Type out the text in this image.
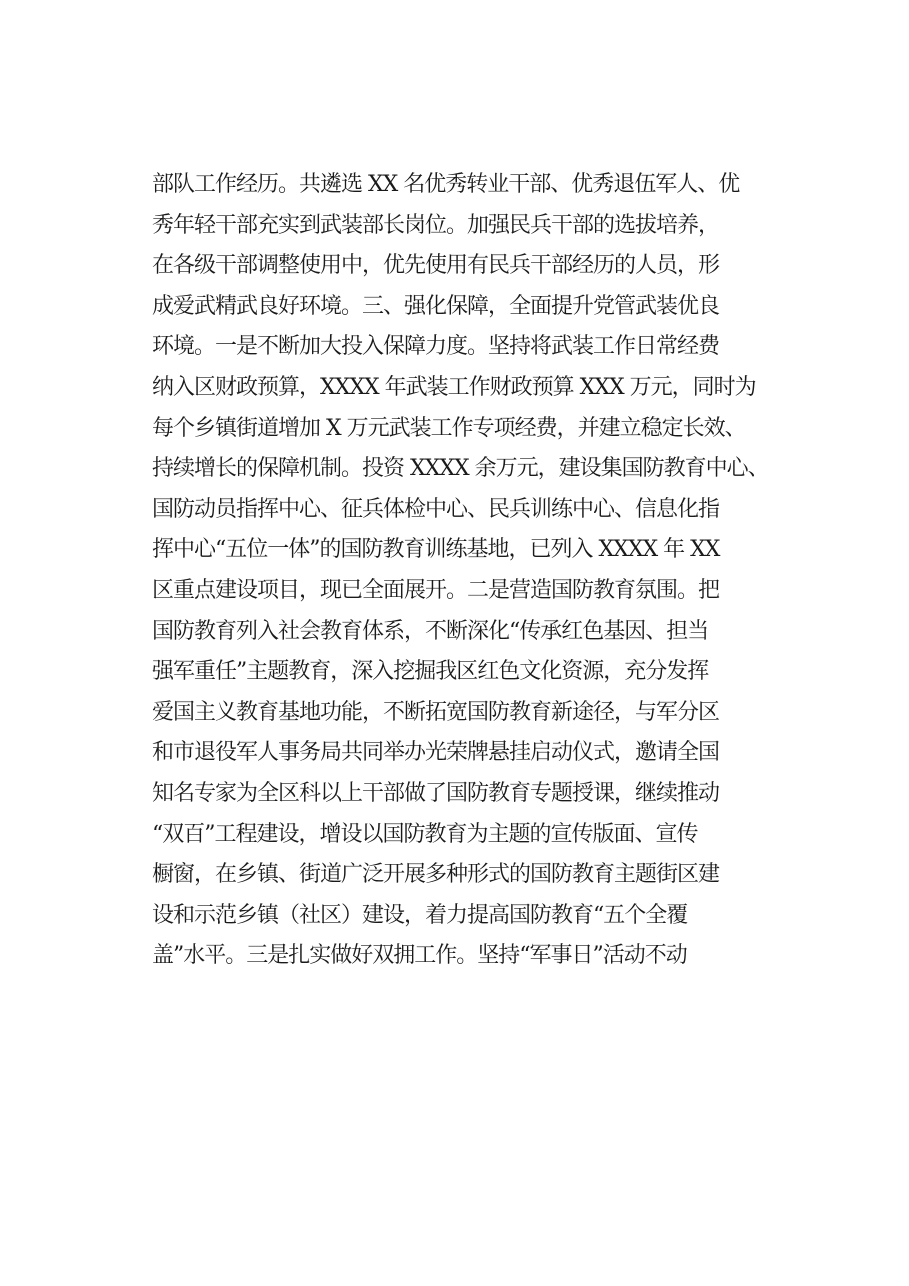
部队工作经历。共遴选 XX 名优秀转业干部、优秀退伍军人、优
秀年轻干部充实到武装部长岗位。加强民兵干部的选拔培养，
在各级干部调整使用中，优先使用有民兵干部经历的人员，形
成爱武精武良好环境。三、强化保障，全面提升党管武装优良
环境。一是不断加大投入保障力度。坚持将武装工作日常经费
纳入区财政预算，XXXX 年武装工作财政预算 XXX 万元，同时为
每个乡镇街道增加 X 万元武装工作专项经费，并建立稳定长效、
持续增长的保障机制。投资 XXXX 余万元，建设集国防教育中心、
国防动员指挥中心、征兵体检中心、民兵训练中心、信息化指
挥中心“五位一体”的国防教育训练基地，已列入 XXXX 年 XX
区重点建设项目，现已全面展开。二是营造国防教育氛围。把
国防教育列入社会教育体系，不断深化“传承红色基因、担当
强军重任”主题教育，深入挖掘我区红色文化资源，充分发挥
爱国主义教育基地功能，不断拓宽国防教育新途径，与军分区
和市退役军人事务局共同举办光荣牌悬挂启动仪式，邀请全国
知名专家为全区科以上干部做了国防教育专题授课，继续推动
“双百”工程建设，增设以国防教育为主题的宣传版面、宣传
橱窗，在乡镇、街道广泛开展多种形式的国防教育主题街区建
设和示范乡镇（社区）建设，着力提高国防教育“五个全覆
盖”水平。三是扎实做好双拥工作。坚持“军事日”活动不动
